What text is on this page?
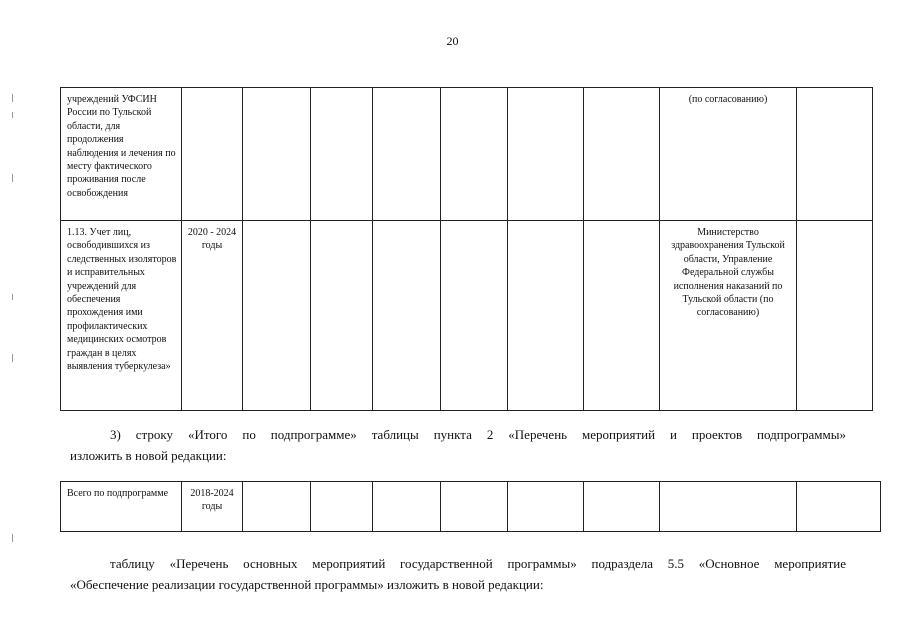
20
учреждений УФСИН России по Тульской области, для продолжения наблюдения и лечения по месту фактического проживания после освобождения								(по согласованию)	

1.13. Учет лиц, освободившихся из следственных изоляторов и исправительных учреждений для обеспечения прохождения ими профилактических медицинских осмотров граждан в целях выявления туберкулеза»	2020 - 2024 годы							Министерство здравоохранения Тульской области, Управление Федеральной службы исполнения наказаний по Тульской области (по согласованию)	

3) строку «Итого по подпрограмме» таблицы пункта 2 «Перечень мероприятий и проектов подпрограммы»
изложить в новой редакции:
Всего по подпрограмме	2018-2024 годы

таблицу «Перечень основных мероприятий государственной программы» подраздела 5.5 «Основное мероприятие
«Обеспечение реализации государственной программы» изложить в новой редакции:
